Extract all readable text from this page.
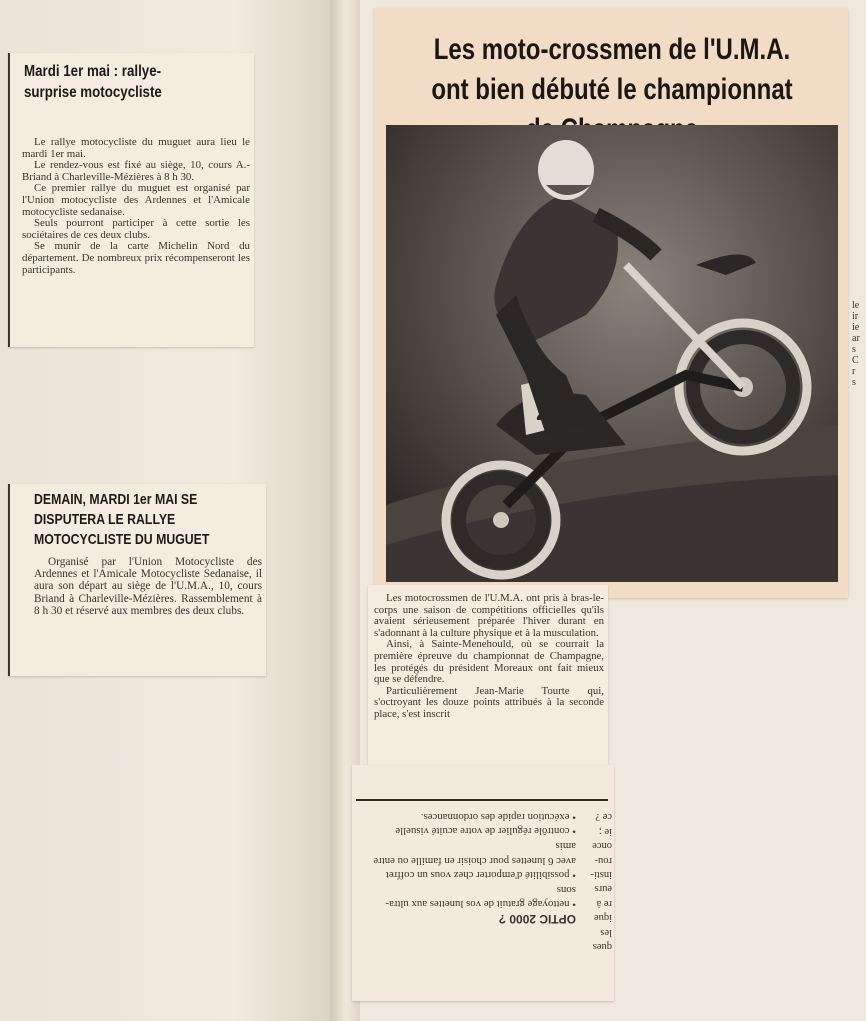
Mardi 1er mai : rallye-surprise motocycliste

Le rallye motocycliste du muguet aura lieu le mardi 1er mai.

Le rendez-vous est fixé au siège, 10, cours A.-Briand à Charleville-Mézières à 8 h 30.

Ce premier rallye du muguet est organisé par l'Union motocycliste des Ardennes et l'Amicale motocycliste sedanaise.

Seuls pourront participer à cette sortie les sociétaires de ces deux clubs.

Se munir de la carte Michelin Nord du département. De nombreux prix récompenseront les participants.

DEMAIN, MARDI 1er MAI SE DISPUTERA LE RALLYE MOTOCYCLISTE DU MUGUET

Organisé par l'Union Motocycliste des Ardennes et l'Amicale Motocycliste Sedanaise, il aura son départ au siège de l'U.M.A., 10, cours Briand à Charleville-Mézières. Rassemblement à 8 h 30 et réservé aux membres des deux clubs.

Les moto-crossmen de l'U.M.A. ont bien débuté le championnat
2

Les motocrossmen de l'U.M.A. ont pris à bras-le-corps une saison de compétitions officielles qu'ils avaient sérieusement préparée l'hiver durant en s'adonnant à la culture physique et à la musculation.

Ainsi, à Sainte-Menehould, où se courrait la première épreuve du championnat de Champagne, les protégés du président Moreaux ont fait mieux que se défendre.

Particulièrement Jean-Marie Tourte qui, s'octroyant les douze points attribués à la seconde place, s'est inscrit

OPTIC 2000 ?

• nettoyage gratuit de vos lunettes aux ultra-sons

• possibilité d'emporter chez vous un coffret avec 6 lunettes pour choisir en famille ou entre amis

• contrôle régulier de votre acuité visuelle

• exécution rapide des ordonnances.

ques

les

ique

re à

eurs

insti-

rou-

once

ie ;

ce ?

le

ir

ie

ar

s

C

r

s
